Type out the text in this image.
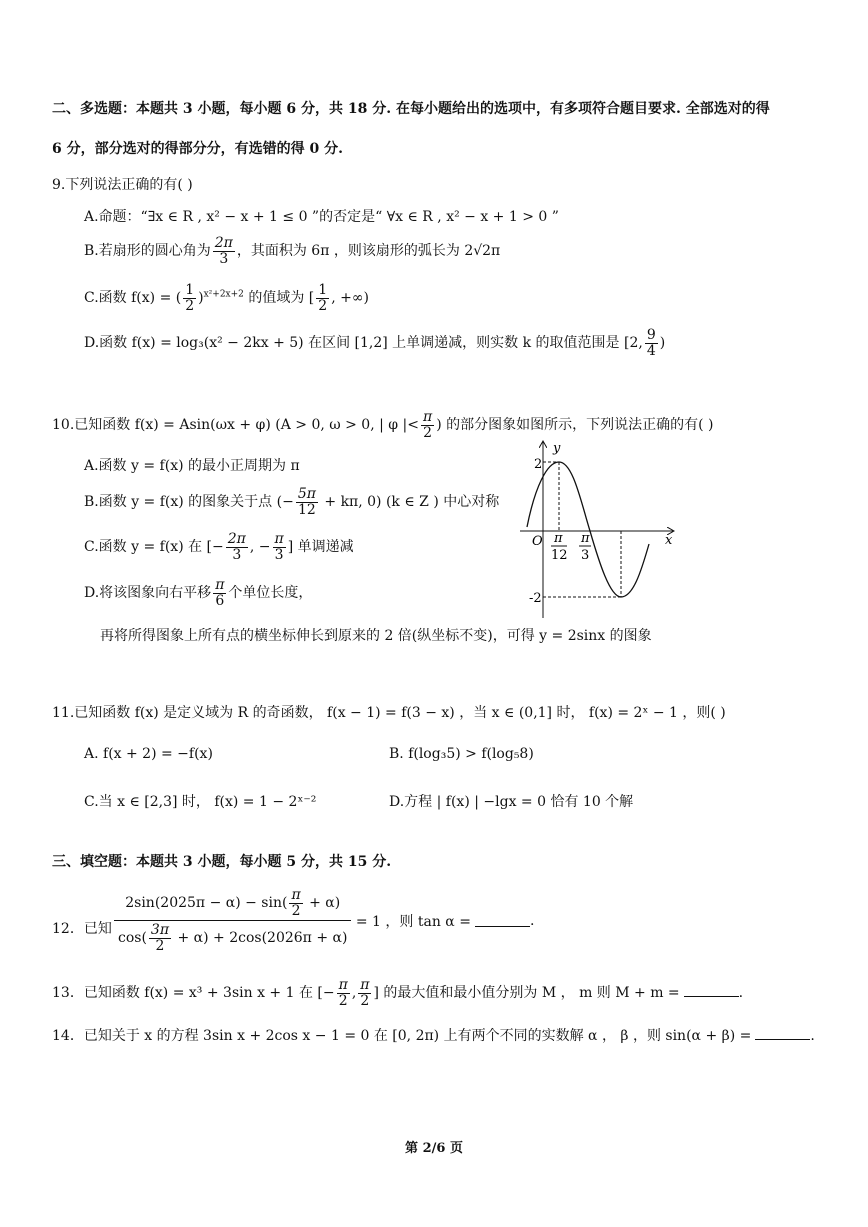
二、多选题：本题共 3 小题，每小题 6 分，共 18 分. 在每小题给出的选项中，有多项符合题目要求. 全部选对的得
6 分，部分选对的得部分分，有选错的得 0 分.
9.下列说法正确的有( )
A.命题：“∃x ∈ R , x² − x + 1 ≤ 0 ”的否定是“ ∀x ∈ R , x² − x + 1 > 0 ”
B.若扇形的圆心角为 $\frac{2\pi}{3}$ ，其面积为 6π ，则该扇形的弧长为 2√2π
C.函数 f(x) = ( $\frac{1}{2} )^{x^2+2x+2}$ 的值域为 [ $\frac{1}{2}$ , +∞)
D.函数 f(x) = log₃(x² − 2kx + 5) 在区间 [1,2] 上单调递减，则实数 k 的取值范围是 [2, $\frac{9}{4}$ )
10.已知函数 f(x) = Asin(ωx + φ) (A > 0, ω > 0, | φ |< $\frac{\pi}{2}$ ) 的部分图象如图所示，下列说法正确的有( )
A.函数 y = f(x) 的最小正周期为 π
B.函数 y = f(x) 的图象关于点 (− $\frac{5\pi}{12} + k\pi$, 0) (k ∈ Z ) 中心对称
C.函数 y = f(x) 在 [− $\frac{2\pi}{3}$ , − $\frac{\pi}{3}$ ] 单调递减
D.将该图象向右平移 $\frac{\pi}{6}$ 个单位长度，
再将所得图象上所有点的横坐标伸长到原来的 2 倍(纵坐标不变)，可得 y = 2sinx 的图象
y
x
O
2
-2
π
12
π
3
11.已知函数 f(x) 是定义域为 R 的奇函数， f(x − 1) = f(3 − x) ，当 x ∈ (0,1] 时， f(x) = 2ˣ − 1 ，则( )
A. f(x + 2) = −f(x)	B. f(log₃5) > f(log₅8)
C.当 x ∈ [2,3] 时， f(x) = 1 − 2ˣ⁻²	D.方程 | f(x) | −lgx = 0 恰有 10 个解
三、填空题：本题共 3 小题，每小题 5 分，共 15 分.
12．已知 $\frac{2\sin(2025\pi - \alpha) - \sin( \frac{\pi}{2} + \alpha)}{\cos( \frac{3\pi}{2} + \alpha) + 2\cos(2026\pi + \alpha)} = 1$ ，则 tan α =	.
13．已知函数 f(x) = x³ + 3sin x + 1 在 [− $\frac{\pi}{2}$ , $\frac{\pi}{2}$ ] 的最大值和最小值分别为 M ， m 则 M + m =	.
14．已知关于 x 的方程 3sin x + 2cos x − 1 = 0 在 [0, 2π) 上有两个不同的实数解 α ， β ，则 sin(α + β) =	.
第 2/6 页
